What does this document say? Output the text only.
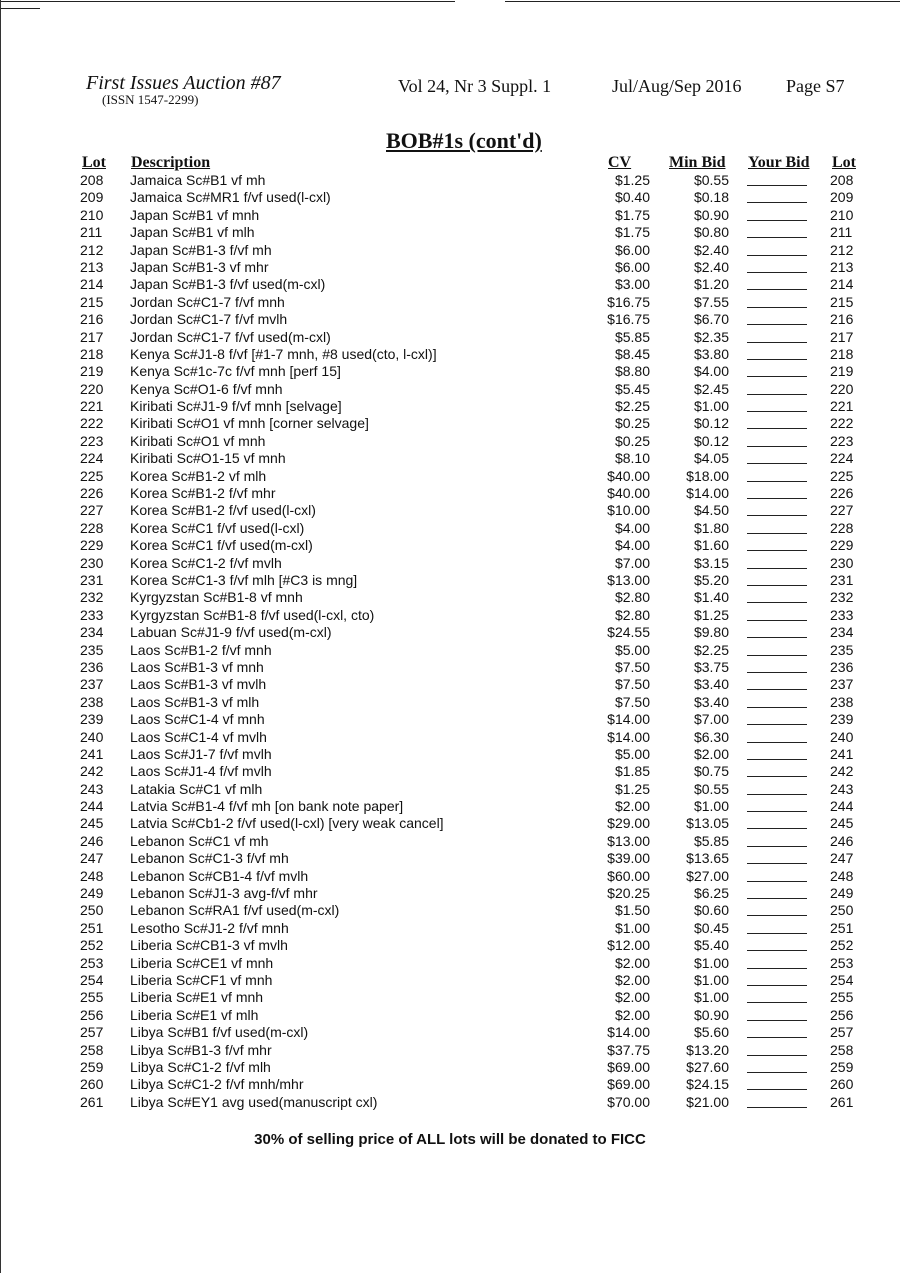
First Issues Auction #87
(ISSN 1547-2299)
Vol 24, Nr 3 Suppl. 1	Jul/Aug/Sep 2016 Page S7
BOB#1s (cont'd)
Lot Description	CV Min Bid Your Bid Lot
208 Jamaica Sc#B1 vf mh	$1.25	$0.55	208
209 Jamaica Sc#MR1 f/vf used(l-cxl)	$0.40	$0.18	209
210 Japan Sc#B1 vf mnh	$1.75	$0.90	210
211 Japan Sc#B1 vf mlh	$1.75	$0.80	211
212 Japan Sc#B1-3 f/vf mh	$6.00	$2.40	212
213 Japan Sc#B1-3 vf mhr	$6.00	$2.40	213
214 Japan Sc#B1-3 f/vf used(m-cxl)	$3.00	$1.20	214
215 Jordan Sc#C1-7 f/vf mnh	$16.75	$7.55	215
216 Jordan Sc#C1-7 f/vf mvlh	$16.75	$6.70	216
217 Jordan Sc#C1-7 f/vf used(m-cxl)	$5.85	$2.35	217
218 Kenya Sc#J1-8 f/vf [#1-7 mnh, #8 used(cto, l-cxl)]	$8.45	$3.80	218
219 Kenya Sc#1c-7c f/vf mnh [perf 15]	$8.80	$4.00	219
220 Kenya Sc#O1-6 f/vf mnh	$5.45	$2.45	220
221 Kiribati Sc#J1-9 f/vf mnh [selvage]	$2.25	$1.00	221
222 Kiribati Sc#O1 vf mnh [corner selvage]	$0.25	$0.12	222
223 Kiribati Sc#O1 vf mnh	$0.25	$0.12	223
224 Kiribati Sc#O1-15 vf mnh	$8.10	$4.05	224
225 Korea Sc#B1-2 vf mlh	$40.00	$18.00	225
226 Korea Sc#B1-2 f/vf mhr	$40.00	$14.00	226
227 Korea Sc#B1-2 f/vf used(l-cxl)	$10.00	$4.50	227
228 Korea Sc#C1 f/vf used(l-cxl)	$4.00	$1.80	228
229 Korea Sc#C1 f/vf used(m-cxl)	$4.00	$1.60	229
230 Korea Sc#C1-2 f/vf mvlh	$7.00	$3.15	230
231 Korea Sc#C1-3 f/vf mlh [#C3 is mng]	$13.00	$5.20	231
232 Kyrgyzstan Sc#B1-8 vf mnh	$2.80	$1.40	232
233 Kyrgyzstan Sc#B1-8 f/vf used(l-cxl, cto)	$2.80	$1.25	233
234 Labuan Sc#J1-9 f/vf used(m-cxl)	$24.55	$9.80	234
235 Laos Sc#B1-2 f/vf mnh	$5.00	$2.25	235
236 Laos Sc#B1-3 vf mnh	$7.50	$3.75	236
237 Laos Sc#B1-3 vf mvlh	$7.50	$3.40	237
238 Laos Sc#B1-3 vf mlh	$7.50	$3.40	238
239 Laos Sc#C1-4 vf mnh	$14.00	$7.00	239
240 Laos Sc#C1-4 vf mvlh	$14.00	$6.30	240
241 Laos Sc#J1-7 f/vf mvlh	$5.00	$2.00	241
242 Laos Sc#J1-4 f/vf mvlh	$1.85	$0.75	242
243 Latakia Sc#C1 vf mlh	$1.25	$0.55	243
244 Latvia Sc#B1-4 f/vf mh [on bank note paper]	$2.00	$1.00	244
245 Latvia Sc#Cb1-2 f/vf used(l-cxl) [very weak cancel]	$29.00	$13.05	245
246 Lebanon Sc#C1 vf mh	$13.00	$5.85	246
247 Lebanon Sc#C1-3 f/vf mh	$39.00	$13.65	247
248 Lebanon Sc#CB1-4 f/vf mvlh	$60.00	$27.00	248
249 Lebanon Sc#J1-3 avg-f/vf mhr	$20.25	$6.25	249
250 Lebanon Sc#RA1 f/vf used(m-cxl)	$1.50	$0.60	250
251 Lesotho Sc#J1-2 f/vf mnh	$1.00	$0.45	251
252 Liberia Sc#CB1-3 vf mvlh	$12.00	$5.40	252
253 Liberia Sc#CE1 vf mnh	$2.00	$1.00	253
254 Liberia Sc#CF1 vf mnh	$2.00	$1.00	254
255 Liberia Sc#E1 vf mnh	$2.00	$1.00	255
256 Liberia Sc#E1 vf mlh	$2.00	$0.90	256
257 Libya Sc#B1 f/vf used(m-cxl)	$14.00	$5.60	257
258 Libya Sc#B1-3 f/vf mhr	$37.75	$13.20	258
259 Libya Sc#C1-2 f/vf mlh	$69.00	$27.60	259
260 Libya Sc#C1-2 f/vf mnh/mhr	$69.00	$24.15	260
261 Libya Sc#EY1 avg used(manuscript cxl)	$70.00	$21.00	261
30% of selling price of ALL lots will be donated to FICC
